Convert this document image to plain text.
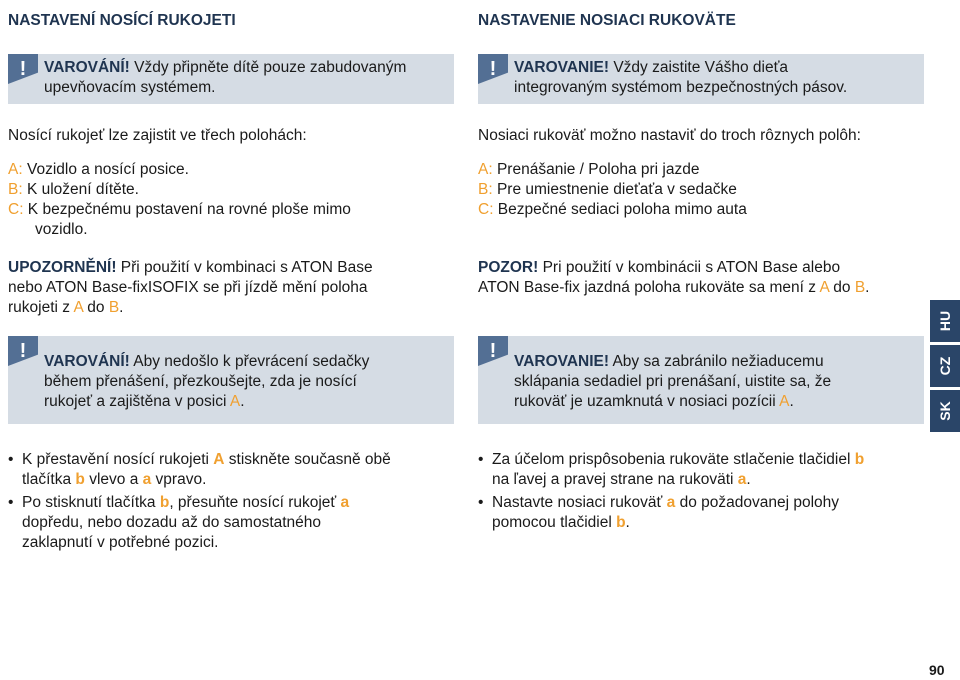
NASTAVENÍ NOSÍCÍ RUKOJETI
!	VAROVÁNÍ! Vždy připněte dítě pouze zabudovaným
upevňovacím systémem.
Nosící rukojeť lze zajistit ve třech polohách:
A: Vozidlo a nosící posice.
B: K uložení dítěte.
C: K bezpečnému postavení na rovné ploše mimo
vozidlo.
UPOZORNĚNÍ! Při použití v kombinaci s ATON Base
nebo ATON Base-fixISOFIX se při jízdě mění poloha
rukojeti z A do B.
!	VAROVÁNÍ! Aby nedošlo k převrácení sedačky
během přenášení, přezkoušejte, zda je nosící
rukojeť a zajištěna v posici A.
• K přestavění nosící rukojeti A stiskněte současně obě
tlačítka b vlevo a a vpravo.
• Po stisknutí tlačítka b, přesuňte nosící rukojeť a
dopředu, nebo dozadu až do samostatného
zaklapnutí v potřebné pozici.
NASTAVENIE NOSIACI RUKOVÄTE
!	VAROVANIE! Vždy zaistite Vášho dieťa
integrovaným systémom bezpečnostných pásov.
Nosiaci rukoväť možno nastaviť do troch rôznych polôh:
A: Prenášanie / Poloha pri jazde
B: Pre umiestnenie dieťaťa v sedačke
C: Bezpečné sediaci poloha mimo auta
POZOR! Pri použití v kombinácii s ATON Base alebo
ATON Base-fix jazdná poloha rukoväte sa mení z A do B.
!	VAROVANIE! Aby sa zabránilo nežiaducemu
sklápania sedadiel pri prenášaní, uistite sa, že
rukoväť je uzamknutá v nosiaci pozícii A.
• Za účelom prispôsobenia rukoväte stlačenie tlačidiel b
na ľavej a pravej strane na rukoväti a.
• Nastavte nosiaci rukoväť a do požadovanej polohy
pomocou tlačidiel b.
HU
CZ
SK
90
